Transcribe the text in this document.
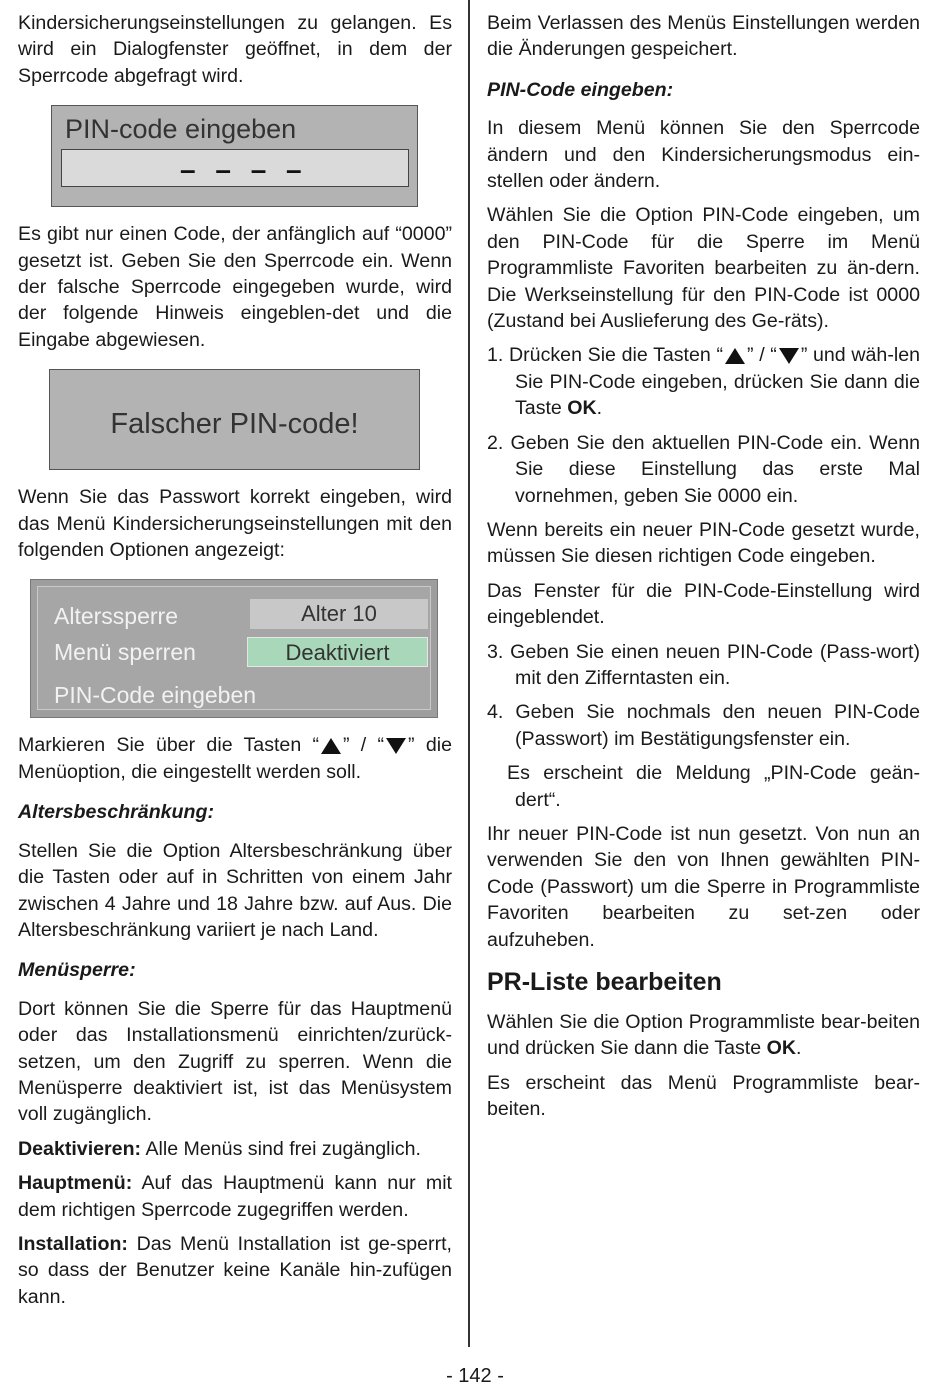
Kindersicherungseinstellungen zu gelangen. Es wird ein Dialogfenster geöffnet, in dem der Sperrcode abgefragt wird.

PIN-code eingeben
– – – –

Es gibt nur einen Code, der anfänglich auf “0000” gesetzt ist. Geben Sie den Sperrcode ein. Wenn der falsche Sperrcode eingegeben wurde, wird der folgende Hinweis eingeblen-det und die Eingabe abgewiesen.

Falscher PIN-code!

Wenn Sie das Passwort korrekt eingeben, wird das Menü Kindersicherungseinstellungen mit den folgenden Optionen angezeigt:

Alterssperre	Alter 10
Menü sperren	Deaktiviert
PIN-Code eingeben

Markieren Sie über die Tasten “ ” / “ ” die Menüoption, die eingestellt werden soll.

Altersbeschränkung:

Stellen Sie die Option Altersbeschränkung über die Tasten oder auf in Schritten von einem Jahr zwischen 4 Jahre und 18 Jahre bzw. auf Aus. Die Altersbeschränkung variiert je nach Land.

Menüsperre:

Dort können Sie die Sperre für das Hauptmenü oder das Installationsmenü einrichten/zurück-setzen, um den Zugriff zu sperren. Wenn die Menüsperre deaktiviert ist, ist das Menüsystem voll zugänglich.

Deaktivieren: Alle Menüs sind frei zugänglich.

Hauptmenü: Auf das Hauptmenü kann nur mit dem richtigen Sperrcode zugegriffen werden.

Installation: Das Menü Installation ist ge-sperrt, so dass der Benutzer keine Kanäle hin-zufügen kann.

Beim Verlassen des Menüs Einstellungen werden die Änderungen gespeichert.

PIN-Code eingeben:

In diesem Menü können Sie den Sperrcode ändern und den Kindersicherungsmodus ein-stellen oder ändern.

Wählen Sie die Option PIN-Code eingeben, um den PIN-Code für die Sperre im Menü Programmliste Favoriten bearbeiten zu än-dern. Die Werkseinstellung für den PIN-Code ist 0000 (Zustand bei Auslieferung des Ge-räts).

1. Drücken Sie die Tasten “ ” / “ ” und wäh-len Sie PIN-Code eingeben, drücken Sie dann die Taste OK.

2. Geben Sie den aktuellen PIN-Code ein. Wenn Sie diese Einstellung das erste Mal vornehmen, geben Sie 0000 ein.

Wenn bereits ein neuer PIN-Code gesetzt wurde, müssen Sie diesen richtigen Code eingeben.

Das Fenster für die PIN-Code-Einstellung wird eingeblendet.

3. Geben Sie einen neuen PIN-Code (Pass-wort) mit den Zifferntasten ein.

4. Geben Sie nochmals den neuen PIN-Code (Passwort) im Bestätigungsfenster ein.

Es erscheint die Meldung „PIN-Code geän-dert“.

Ihr neuer PIN-Code ist nun gesetzt. Von nun an verwenden Sie den von Ihnen gewählten PIN-Code (Passwort) um die Sperre in Programmliste Favoriten bearbeiten zu set-zen oder aufzuheben.

PR-Liste bearbeiten

Wählen Sie die Option Programmliste bear-beiten und drücken Sie dann die Taste OK.

Es erscheint das Menü Programmliste bear-beiten.

- 142 -
